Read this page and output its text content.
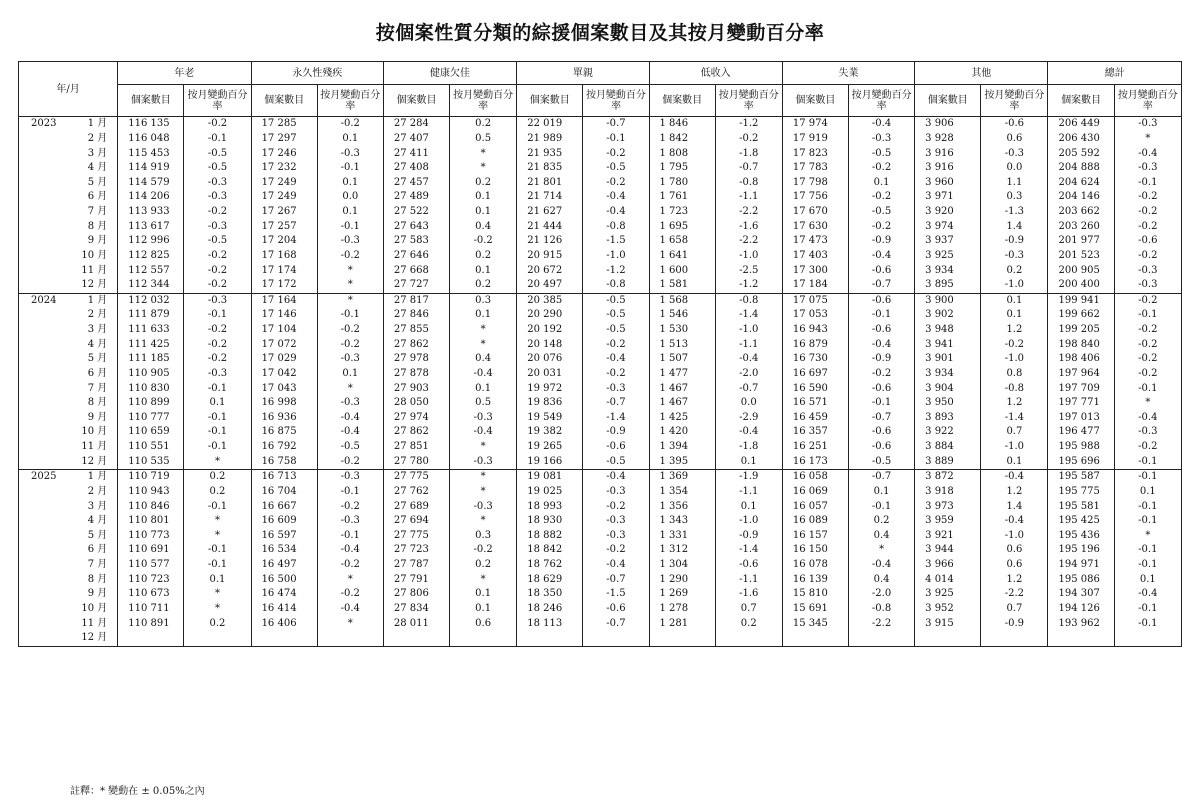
按個案性質分類的綜援個案數目及其按月變動百分率
年/月		年老		永久性殘疾		健康欠佳		單親		低收入		失業		其他		總計	
		個案數目	按月變動百分率	個案數目	按月變動百分率	個案數目	按月變動百分率	個案數目	按月變動百分率	個案數目	按月變動百分率	個案數目	按月變動百分率	個案數目	按月變動百分率	個案數目	按月變動百分率
2023	1 月	116 135	-0.2	17 285	-0.2	27 284	0.2	22 019	-0.7	1 846	-1.2	17 974	-0.4	3 906	-0.6	206 449	-0.3
	2 月	116 048	-0.1	17 297	0.1	27 407	0.5	21 989	-0.1	1 842	-0.2	17 919	-0.3	3 928	0.6	206 430	*
	3 月	115 453	-0.5	17 246	-0.3	27 411	*	21 935	-0.2	1 808	-1.8	17 823	-0.5	3 916	-0.3	205 592	-0.4
	4 月	114 919	-0.5	17 232	-0.1	27 408	*	21 835	-0.5	1 795	-0.7	17 783	-0.2	3 916	0.0	204 888	-0.3
	5 月	114 579	-0.3	17 249	0.1	27 457	0.2	21 801	-0.2	1 780	-0.8	17 798	0.1	3 960	1.1	204 624	-0.1
	6 月	114 206	-0.3	17 249	0.0	27 489	0.1	21 714	-0.4	1 761	-1.1	17 756	-0.2	3 971	0.3	204 146	-0.2
	7 月	113 933	-0.2	17 267	0.1	27 522	0.1	21 627	-0.4	1 723	-2.2	17 670	-0.5	3 920	-1.3	203 662	-0.2
	8 月	113 617	-0.3	17 257	-0.1	27 643	0.4	21 444	-0.8	1 695	-1.6	17 630	-0.2	3 974	1.4	203 260	-0.2
	9 月	112 996	-0.5	17 204	-0.3	27 583	-0.2	21 126	-1.5	1 658	-2.2	17 473	-0.9	3 937	-0.9	201 977	-0.6
	10 月	112 825	-0.2	17 168	-0.2	27 646	0.2	20 915	-1.0	1 641	-1.0	17 403	-0.4	3 925	-0.3	201 523	-0.2
	11 月	112 557	-0.2	17 174	*	27 668	0.1	20 672	-1.2	1 600	-2.5	17 300	-0.6	3 934	0.2	200 905	-0.3
	12 月	112 344	-0.2	17 172	*	27 727	0.2	20 497	-0.8	1 581	-1.2	17 184	-0.7	3 895	-1.0	200 400	-0.3
2024	1 月	112 032	-0.3	17 164	*	27 817	0.3	20 385	-0.5	1 568	-0.8	17 075	-0.6	3 900	0.1	199 941	-0.2
	2 月	111 879	-0.1	17 146	-0.1	27 846	0.1	20 290	-0.5	1 546	-1.4	17 053	-0.1	3 902	0.1	199 662	-0.1
	3 月	111 633	-0.2	17 104	-0.2	27 855	*	20 192	-0.5	1 530	-1.0	16 943	-0.6	3 948	1.2	199 205	-0.2
	4 月	111 425	-0.2	17 072	-0.2	27 862	*	20 148	-0.2	1 513	-1.1	16 879	-0.4	3 941	-0.2	198 840	-0.2
	5 月	111 185	-0.2	17 029	-0.3	27 978	0.4	20 076	-0.4	1 507	-0.4	16 730	-0.9	3 901	-1.0	198 406	-0.2
	6 月	110 905	-0.3	17 042	0.1	27 878	-0.4	20 031	-0.2	1 477	-2.0	16 697	-0.2	3 934	0.8	197 964	-0.2
	7 月	110 830	-0.1	17 043	*	27 903	0.1	19 972	-0.3	1 467	-0.7	16 590	-0.6	3 904	-0.8	197 709	-0.1
	8 月	110 899	0.1	16 998	-0.3	28 050	0.5	19 836	-0.7	1 467	0.0	16 571	-0.1	3 950	1.2	197 771	*
	9 月	110 777	-0.1	16 936	-0.4	27 974	-0.3	19 549	-1.4	1 425	-2.9	16 459	-0.7	3 893	-1.4	197 013	-0.4
	10 月	110 659	-0.1	16 875	-0.4	27 862	-0.4	19 382	-0.9	1 420	-0.4	16 357	-0.6	3 922	0.7	196 477	-0.3
	11 月	110 551	-0.1	16 792	-0.5	27 851	*	19 265	-0.6	1 394	-1.8	16 251	-0.6	3 884	-1.0	195 988	-0.2
	12 月	110 535	*	16 758	-0.2	27 780	-0.3	19 166	-0.5	1 395	0.1	16 173	-0.5	3 889	0.1	195 696	-0.1
2025	1 月	110 719	0.2	16 713	-0.3	27 775	*	19 081	-0.4	1 369	-1.9	16 058	-0.7	3 872	-0.4	195 587	-0.1
	2 月	110 943	0.2	16 704	-0.1	27 762	*	19 025	-0.3	1 354	-1.1	16 069	0.1	3 918	1.2	195 775	0.1
	3 月	110 846	-0.1	16 667	-0.2	27 689	-0.3	18 993	-0.2	1 356	0.1	16 057	-0.1	3 973	1.4	195 581	-0.1
	4 月	110 801	*	16 609	-0.3	27 694	*	18 930	-0.3	1 343	-1.0	16 089	0.2	3 959	-0.4	195 425	-0.1
	5 月	110 773	*	16 597	-0.1	27 775	0.3	18 882	-0.3	1 331	-0.9	16 157	0.4	3 921	-1.0	195 436	*
	6 月	110 691	-0.1	16 534	-0.4	27 723	-0.2	18 842	-0.2	1 312	-1.4	16 150	*	3 944	0.6	195 196	-0.1
	7 月	110 577	-0.1	16 497	-0.2	27 787	0.2	18 762	-0.4	1 304	-0.6	16 078	-0.4	3 966	0.6	194 971	-0.1
	8 月	110 723	0.1	16 500	*	27 791	*	18 629	-0.7	1 290	-1.1	16 139	0.4	4 014	1.2	195 086	0.1
	9 月	110 673	*	16 474	-0.2	27 806	0.1	18 350	-1.5	1 269	-1.6	15 810	-2.0	3 925	-2.2	194 307	-0.4
	10 月	110 711	*	16 414	-0.4	27 834	0.1	18 246	-0.6	1 278	0.7	15 691	-0.8	3 952	0.7	194 126	-0.1
	11 月	110 891	0.2	16 406	*	28 011	0.6	18 113	-0.7	1 281	0.2	15 345	-2.2	3 915	-0.9	193 962	-0.1
	12 月																
註釋：* 變動在 ± 0.05%之內
